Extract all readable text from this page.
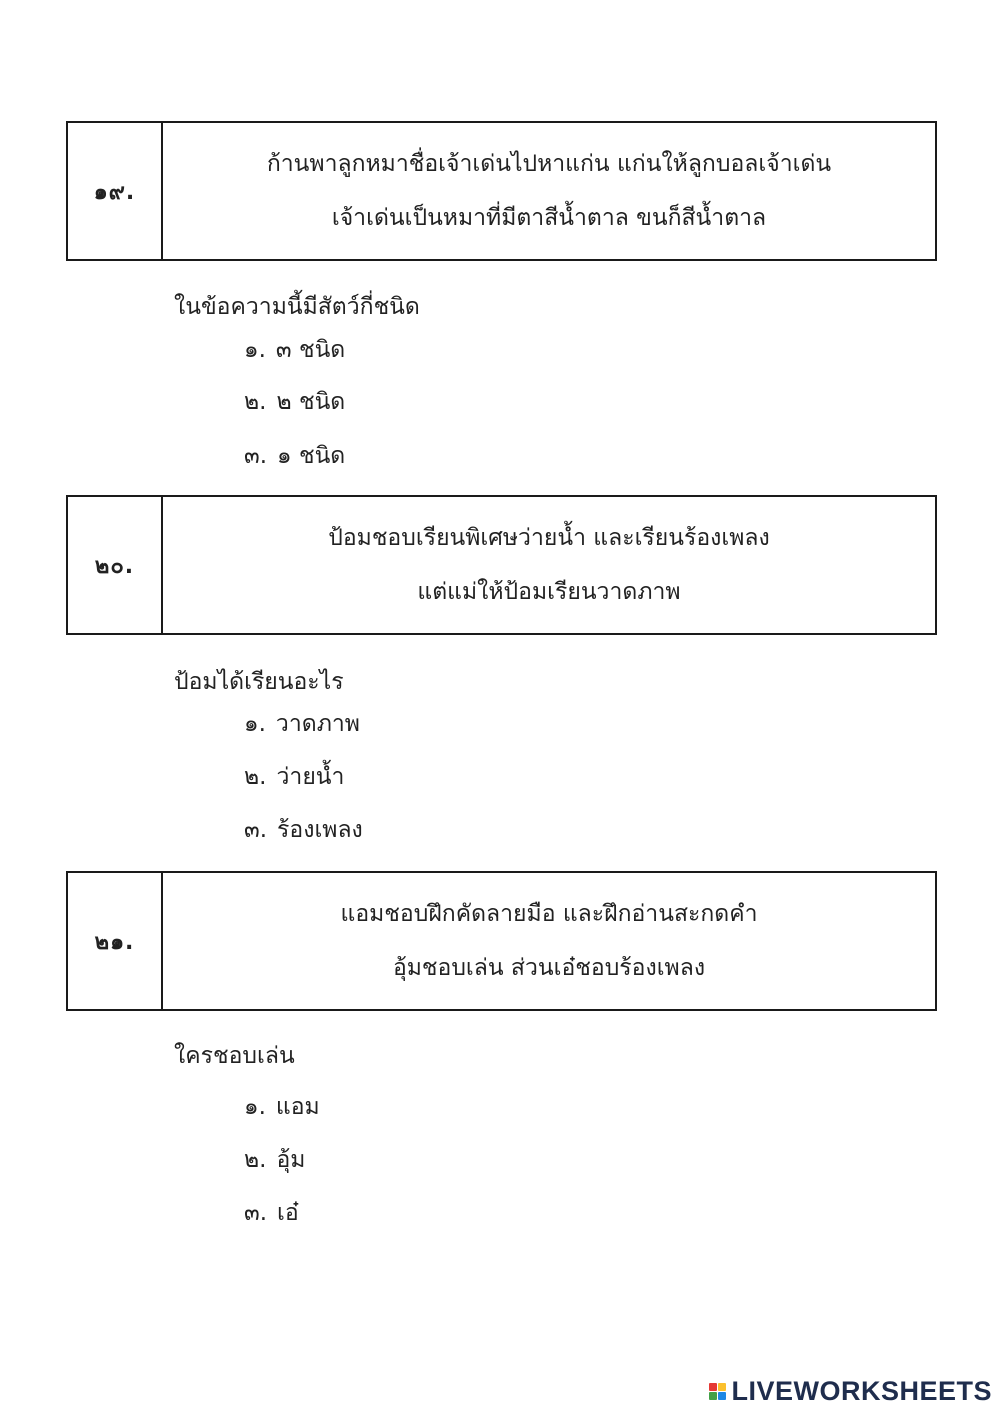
๑๙.
ก้านพาลูกหมาชื่อเจ้าเด่นไปหาแก่น แก่นให้ลูกบอลเจ้าเด่น
เจ้าเด่นเป็นหมาที่มีตาสีน้ำตาล ขนก็สีน้ำตาล
ในข้อความนี้มีสัตว์กี่ชนิด
๑. ๓ ชนิด
๒. ๒ ชนิด
๓. ๑ ชนิด
๒๐.
ป้อมชอบเรียนพิเศษว่ายน้ำ และเรียนร้องเพลง
แต่แม่ให้ป้อมเรียนวาดภาพ
ป้อมได้เรียนอะไร
๑. วาดภาพ
๒. ว่ายน้ำ
๓. ร้องเพลง
๒๑.
แอมชอบฝึกคัดลายมือ และฝึกอ่านสะกดคำ
อุ้มชอบเล่น ส่วนเอ๋ชอบร้องเพลง
ใครชอบเล่น
๑. แอม
๒. อุ้ม
๓. เอ๋
LIVEWORKSHEETS
